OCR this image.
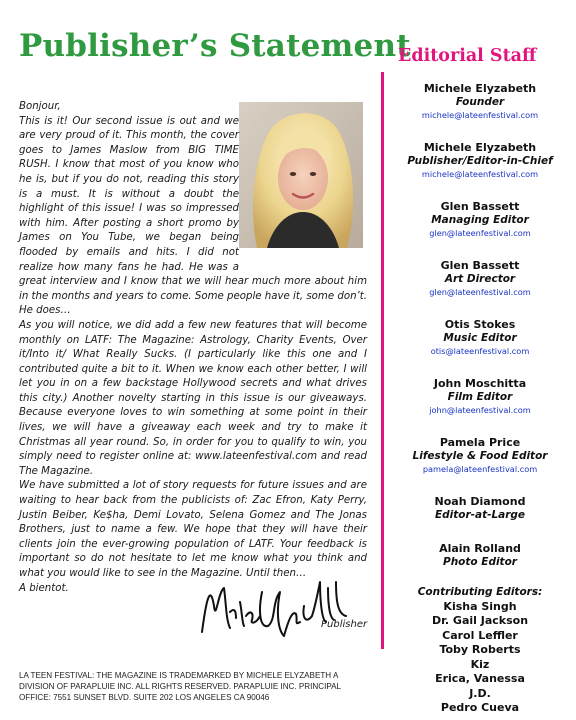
Publisher’s Statement
Editorial Staff

Bonjour,

This is it! Our second issue is out and we are very proud of it. This month, the cover goes to James Maslow from BIG TIME RUSH. I know that most of you know who he is, but if you do not, reading this story is a must. It is without a doubt the highlight of this issue! I was so impressed with him. After posting a short promo by James on You Tube, we began being flooded by emails and hits. I did not realize how many fans he had. He was a great interview and I know that we will hear much more about him in the months and years to come. Some people have it, some don’t. He does…

As you will notice, we did add a few new features that will become monthly on LATF: The Magazine: Astrology, Charity Events, Over it/Into it/ What Really Sucks. (I particularly like this one and I contributed quite a bit to it. When we know each other better, I will let you in on a few backstage Hollywood secrets and what drives this city.) Another novelty starting in this issue is our giveaways. Because everyone loves to win something at some point in their lives, we will have a giveaway each week and try to make it Christmas all year round. So, in order for you to qualify to win, you simply need to register online at: www.lateenfestival.com and read The Magazine.

We have submitted a lot of story requests for future issues and are waiting to hear back from the publicists of: Zac Efron, Katy Perry, Justin Beiber, Ke$ha, Demi Lovato, Selena Gomez and The Jonas Brothers, just to name a few. We hope that they will have their clients join the ever-growing population of LATF. Your feedback is important so do not hesitate to let me know what you think and what you would like to see in the Magazine. Until then…

A bientot.

Publisher
LA TEEN FESTIVAL: THE MAGAZINE IS TRADEMARKED BY MICHELE ELYZABETH A DIVISION OF PARAPLUIE INC. ALL RIGHTS RESERVED. PARAPLUIE INC. PRINCIPAL OFFICE: 7551 SUNSET BLVD. SUITE 202 LOS ANGELES CA 90046
Michele Elyzabeth
Founder
michele@lateenfestival.com
Michele Elyzabeth
Publisher/Editor-in-Chief
michele@lateenfestival.com
Glen Bassett
Managing Editor
glen@lateenfestival.com
Glen Bassett
Art Director
glen@lateenfestival.com
Otis Stokes
Music Editor
otis@lateenfestival.com
John Moschitta
Film Editor
john@lateenfestival.com
Pamela Price
Lifestyle & Food Editor
pamela@lateenfestival.com
Noah Diamond
Editor-at-Large
Alain Rolland
Photo Editor
Contributing Editors:
Kisha Singh
Dr. Gail Jackson
Carol Leffler
Toby Roberts
Kiz
Erica, Vanessa
J.D.
Pedro Cueva
